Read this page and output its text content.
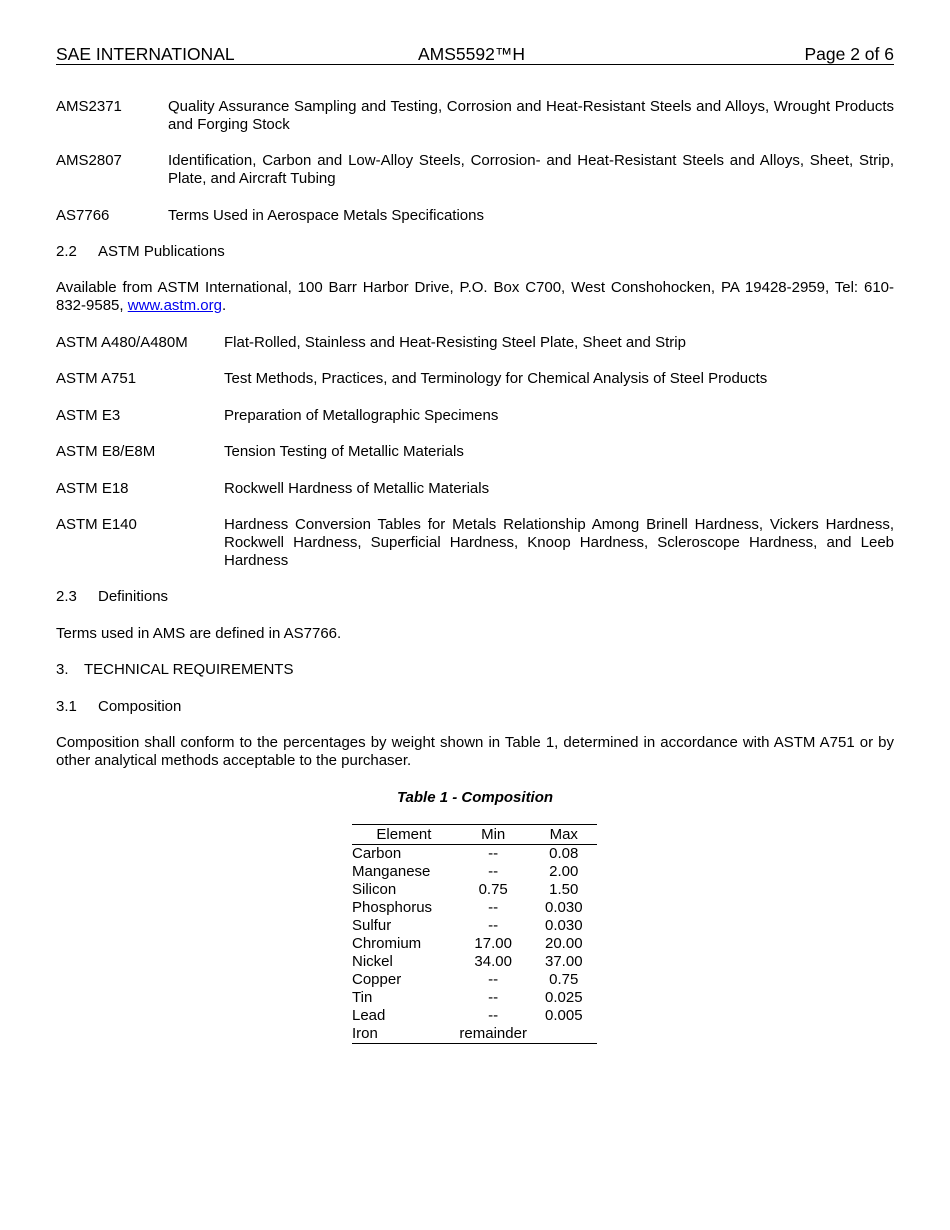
SAE INTERNATIONAL	AMS5592™H	Page 2 of 6
AMS2371	Quality Assurance Sampling and Testing, Corrosion and Heat-Resistant Steels and Alloys, Wrought Products and Forging Stock
AMS2807	Identification, Carbon and Low-Alloy Steels, Corrosion- and Heat-Resistant Steels and Alloys, Sheet, Strip, Plate, and Aircraft Tubing
AS7766	Terms Used in Aerospace Metals Specifications
2.2 ASTM Publications
Available from ASTM International, 100 Barr Harbor Drive, P.O. Box C700, West Conshohocken, PA 19428-2959, Tel: 610-832-9585, www.astm.org.
ASTM A480/A480M Flat-Rolled, Stainless and Heat-Resisting Steel Plate, Sheet and Strip
ASTM A751	Test Methods, Practices, and Terminology for Chemical Analysis of Steel Products
ASTM E3	Preparation of Metallographic Specimens
ASTM E8/E8M	Tension Testing of Metallic Materials
ASTM E18	Rockwell Hardness of Metallic Materials
ASTM E140	Hardness Conversion Tables for Metals Relationship Among Brinell Hardness, Vickers Hardness, Rockwell Hardness, Superficial Hardness, Knoop Hardness, Scleroscope Hardness, and Leeb Hardness
2.3 Definitions
Terms used in AMS are defined in AS7766.
3. TECHNICAL REQUIREMENTS
3.1 Composition
Composition shall conform to the percentages by weight shown in Table 1, determined in accordance with ASTM A751 or by other analytical methods acceptable to the purchaser.
Table 1 - Composition
Element	Min	Max
Carbon	--	0.08
Manganese	--	2.00
Silicon	0.75	1.50
Phosphorus	--	0.030
Sulfur	--	0.030
Chromium	17.00	20.00
Nickel	34.00	37.00
Copper	--	0.75
Tin	--	0.025
Lead	--	0.005
Iron	remainder	
